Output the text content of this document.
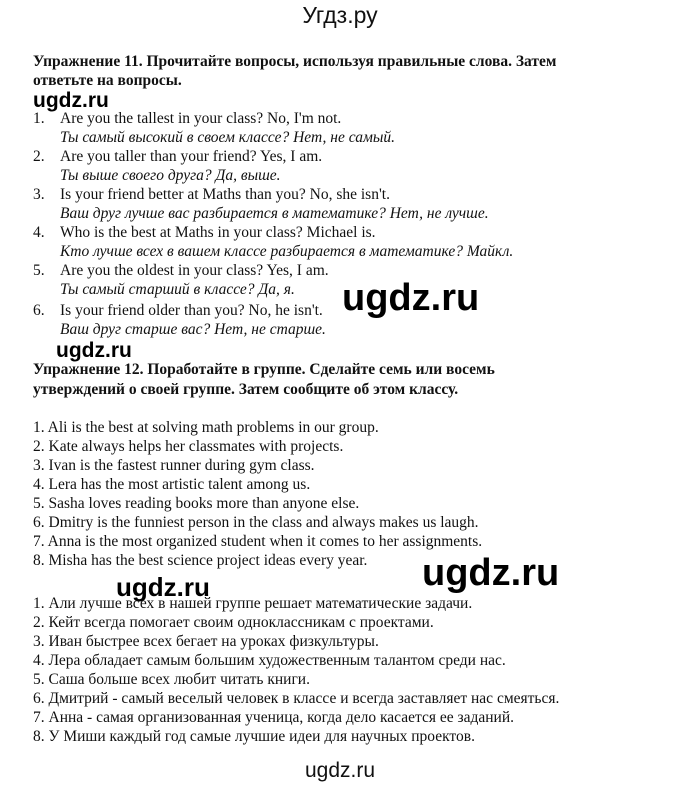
Угдз.ру
Упражнение 11. Прочитайте вопросы, используя правильные слова. Затем
ответьте на вопросы.
ugdz.ru
1. Are you the tallest in your class? No, I'm not.
Ты самый высокий в своем классе? Нет, не самый.
2. Are you taller than your friend? Yes, I am.
Ты выше своего друга? Да, выше.
3. Is your friend better at Maths than you? No, she isn't.
Ваш друг лучше вас разбирается в математике? Нет, не лучше.
4. Who is the best at Maths in your class? Michael is.
Кто лучше всех в вашем классе разбирается в математике? Майкл.
5. Are you the oldest in your class? Yes, I am.
Ты самый старший в классе? Да, я. ugdz.ru
6. Is your friend older than you? No, he isn't.
Ваш друг старше вас? Нет, не старше.
ugdz.ru
Упражнение 12. Поработайте в группе. Сделайте семь или восемь
утверждений о своей группе. Затем сообщите об этом классу.
1. Ali is the best at solving math problems in our group.
2. Kate always helps her classmates with projects.
3. Ivan is the fastest runner during gym class.
4. Lera has the most artistic talent among us.
5. Sasha loves reading books more than anyone else.
6. Dmitry is the funniest person in the class and always makes us laugh.
7. Anna is the most organized student when it comes to her assignments.
8. Misha has the best science project ideas every year. ugdz.ru
ugdz.ru
1. Али лучше всех в нашей группе решает математические задачи.
2. Кейт всегда помогает своим одноклассникам с проектами.
3. Иван быстрее всех бегает на уроках физкультуры.
4. Лера обладает самым большим художественным талантом среди нас.
5. Саша больше всех любит читать книги.
6. Дмитрий - самый веселый человек в классе и всегда заставляет нас смеяться.
7. Анна - самая организованная ученица, когда дело касается ее заданий.
8. У Миши каждый год самые лучшие идеи для научных проектов.
ugdz.ru
